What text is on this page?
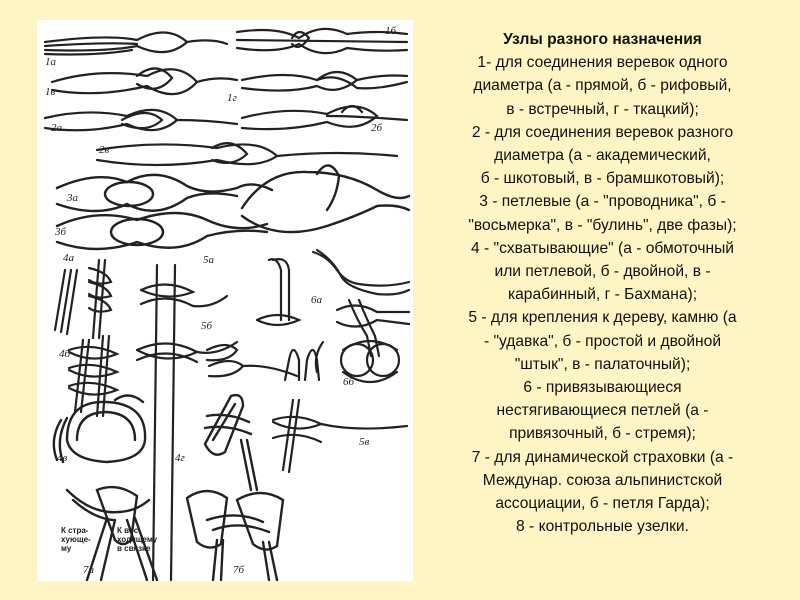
1а
1б
1в	1г
2а	2б
2в
3а
3б
4а
4б
4в	4г
5а
5б
5в
6а
6б
7а	7б
К стра-
хующе-
му
К вос-
ходящему
в связке
Узлы разного назначения
1- для соединения веревок одного
диаметра (а - прямой, б - рифовый,
в - встречный, г - ткацкий);
2 - для соединения веревок разного
диаметра (а - академический,
б - шкотовый, в - брамшкотовый);
3 - петлевые (а - "проводника", б -
"восьмерка", в - "булинь", две фазы);
4 - "схватывающие" (а - обмоточный
или петлевой, б - двойной, в -
карабинный, г - Бахмана);
5 - для крепления к дереву, камню (а
- "удавка", б - простой и двойной
"штык", в - палаточный);
6 - привязывающиеся
нестягивающиеся петлей (а -
привязочный, б - стремя);
7 - для динамической страховки (а -
Междунар. союза альпинистской
ассоциации, б - петля Гарда);
8 - контрольные узелки.
